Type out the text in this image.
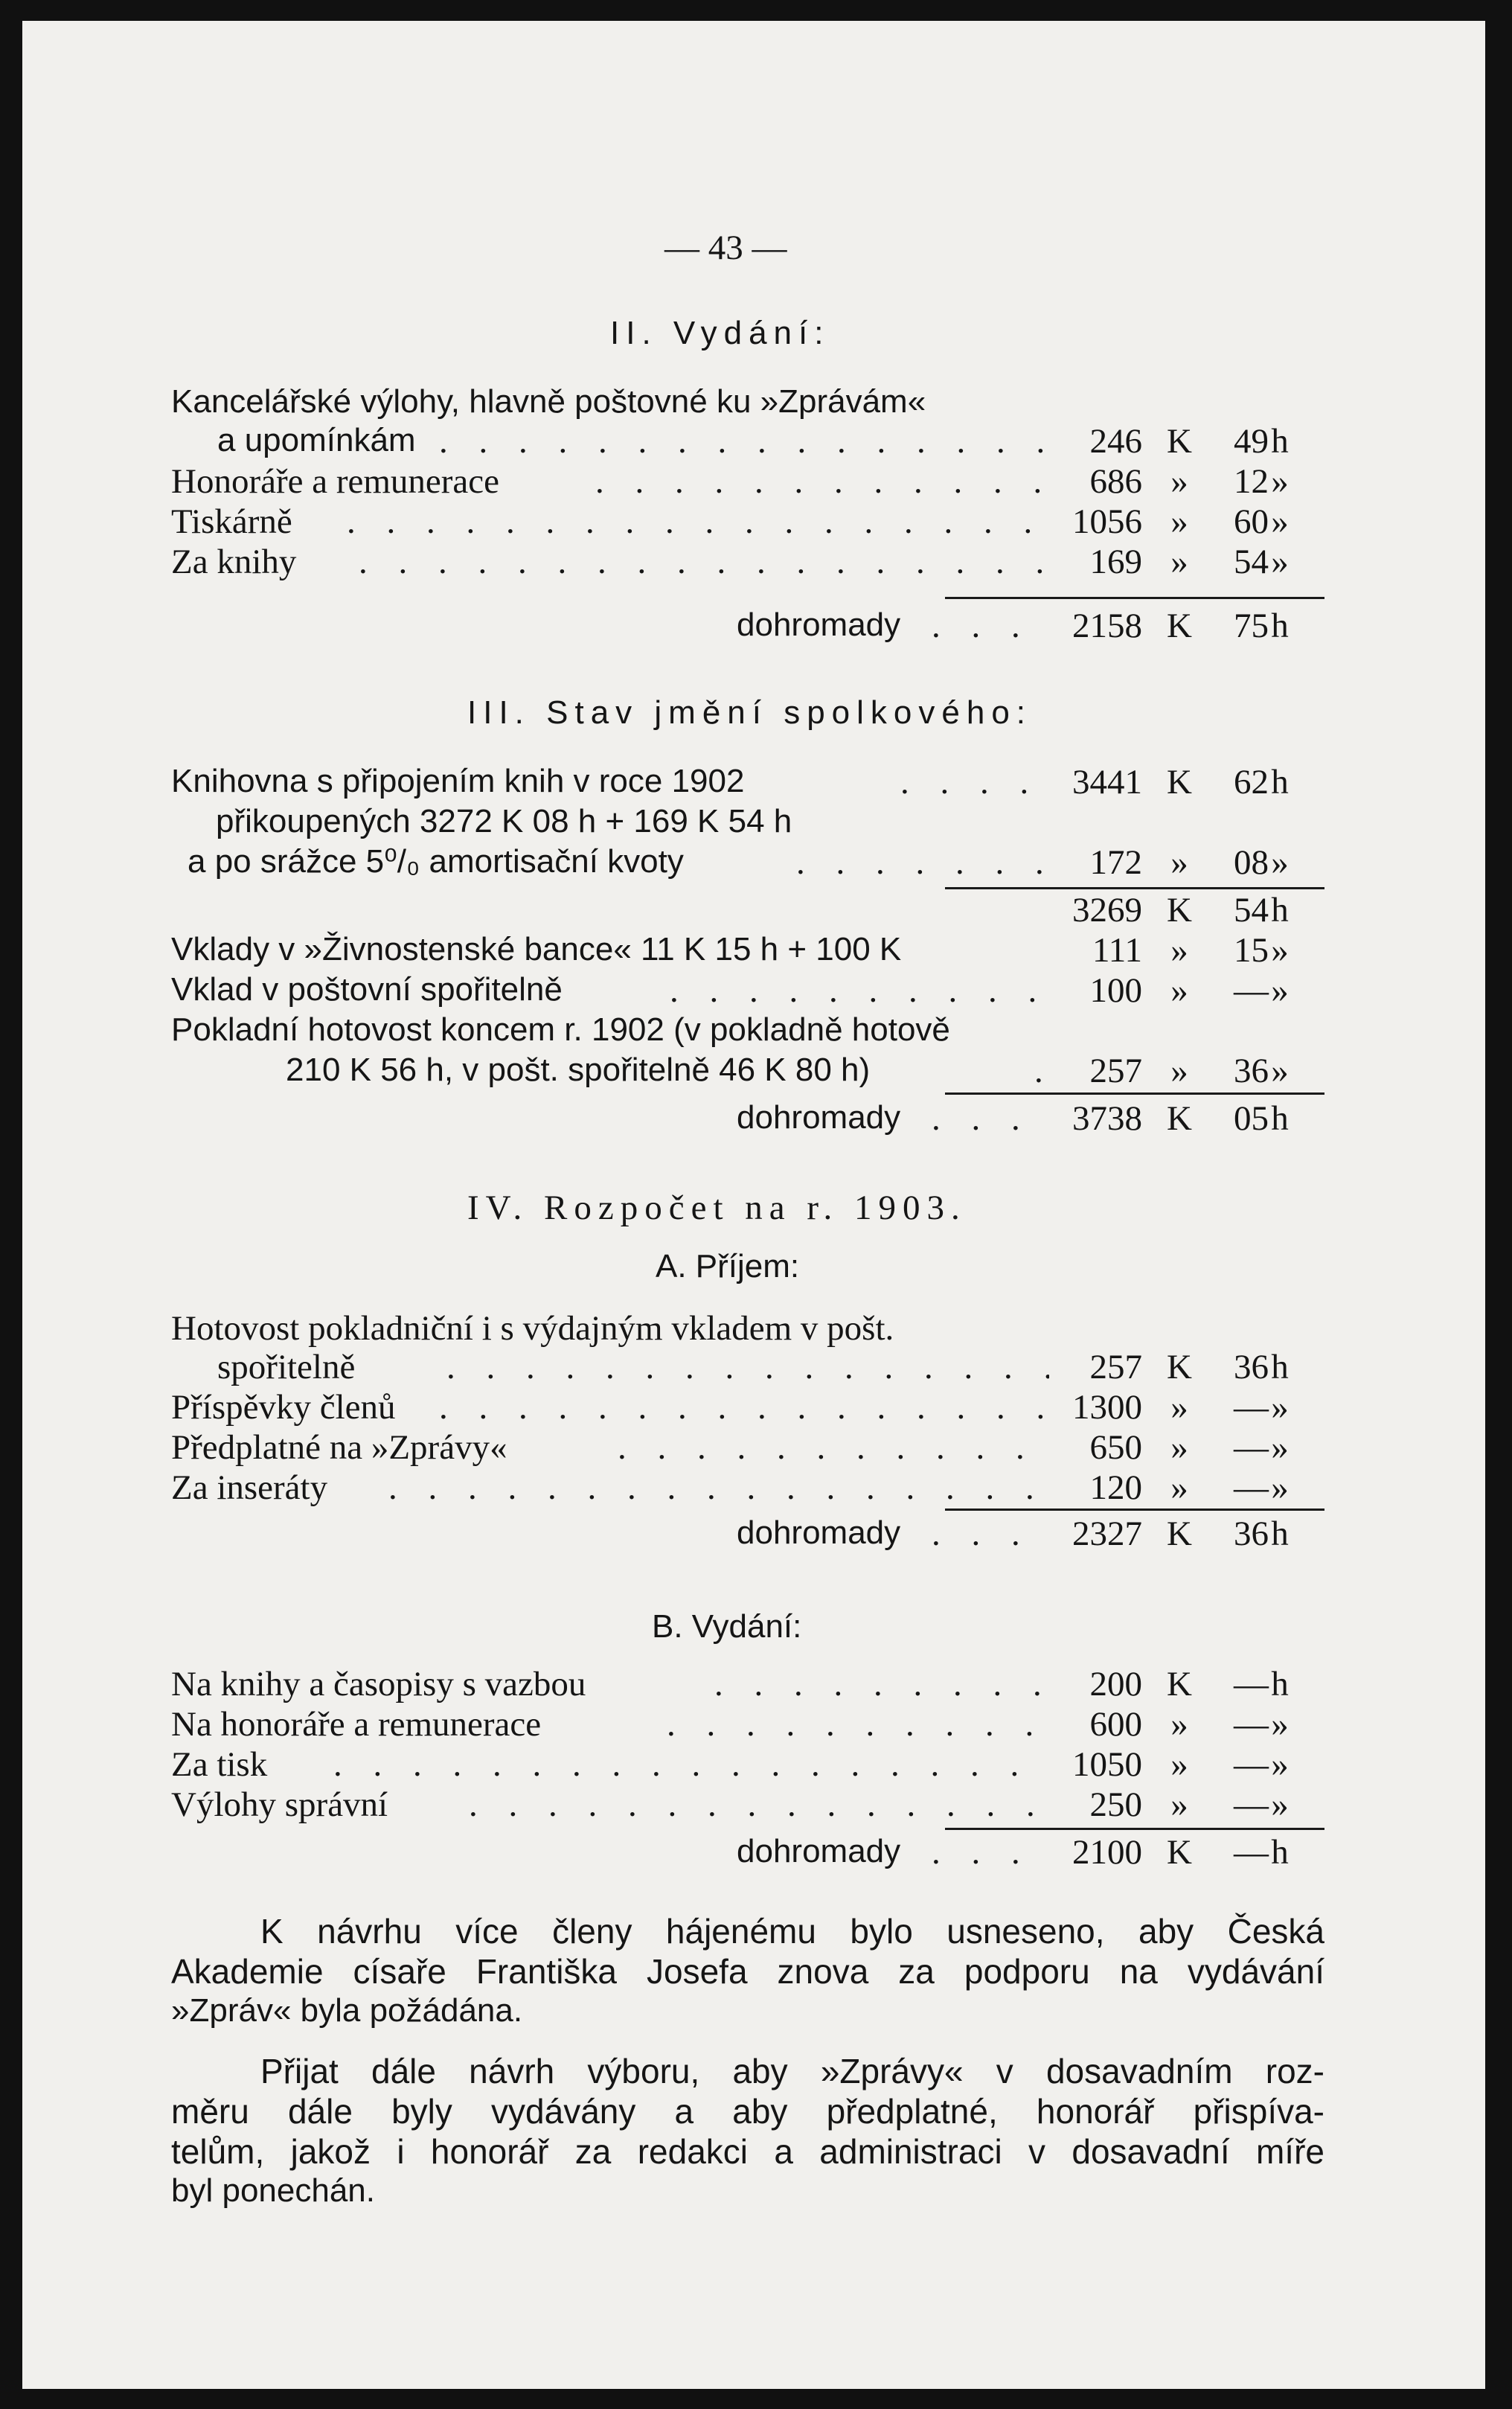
— 43 —
II. Vydání:
Kancelářské výlohy, hlavně poštovné ku »Zprávám«
a upomínkám . . .	246 K	49 h
Honoráře a remunerace . . .	686 »	12 »
Tiskárně . . .	1056 »	60 »
Za knihy . . .	169 »	54 »
dohromady . . .	2158 K	75 h
III. Stav jmění spolkového:
Knihovna s připojením knih v roce 1902 . . .	3441 K	62 h
přikoupených 3272 K 08 h + 169 K 54 h
a po srážce 5⁰/₀ amortisační kvoty . . .	172 »	08 »
3269 K	54 h
Vklady v »Živnostenské bance« 11 K 15 h + 100 K	111 »	15 »
Vklad v poštovní spořitelně . . .	100 »	— »
Pokladní hotovost koncem r. 1902 (v pokladně hotově
210 K 56 h, v pošt. spořitelně 46 K 80 h) . . .	257 »	36 »
dohromady . . .	3738 K	05 h
IV. Rozpočet na r. 1903.
A. Příjem:
Hotovost pokladniční i s výdajným vkladem v pošt.
spořitelně . . .	257 K	36 h
Příspěvky členů . . .	1300 »	— »
Předplatné na »Zprávy« . . .	650 »	— »
Za inseráty . . .	120 »	— »
dohromady . . .	2327 K	36 h
B. Vydání:
Na knihy a časopisy s vazbou . . .	200 K	— h
Na honoráře a remunerace . . .	600 »	— »
Za tisk . . .	1050 »	— »
Výlohy správní . . .	250 »	— »
dohromady . . .	2100 K	— h
K návrhu více členy hájenému bylo usneseno, aby Česká
Akademie císaře Františka Josefa znova za podporu na vydávání
»Zpráv« byla požádána.
Přijat dále návrh výboru, aby »Zprávy« v dosavadním roz-
měru dále byly vydávány a aby předplatné, honorář přispíva-
telům, jakož i honorář za redakci a administraci v dosavadní míře
byl ponechán.
